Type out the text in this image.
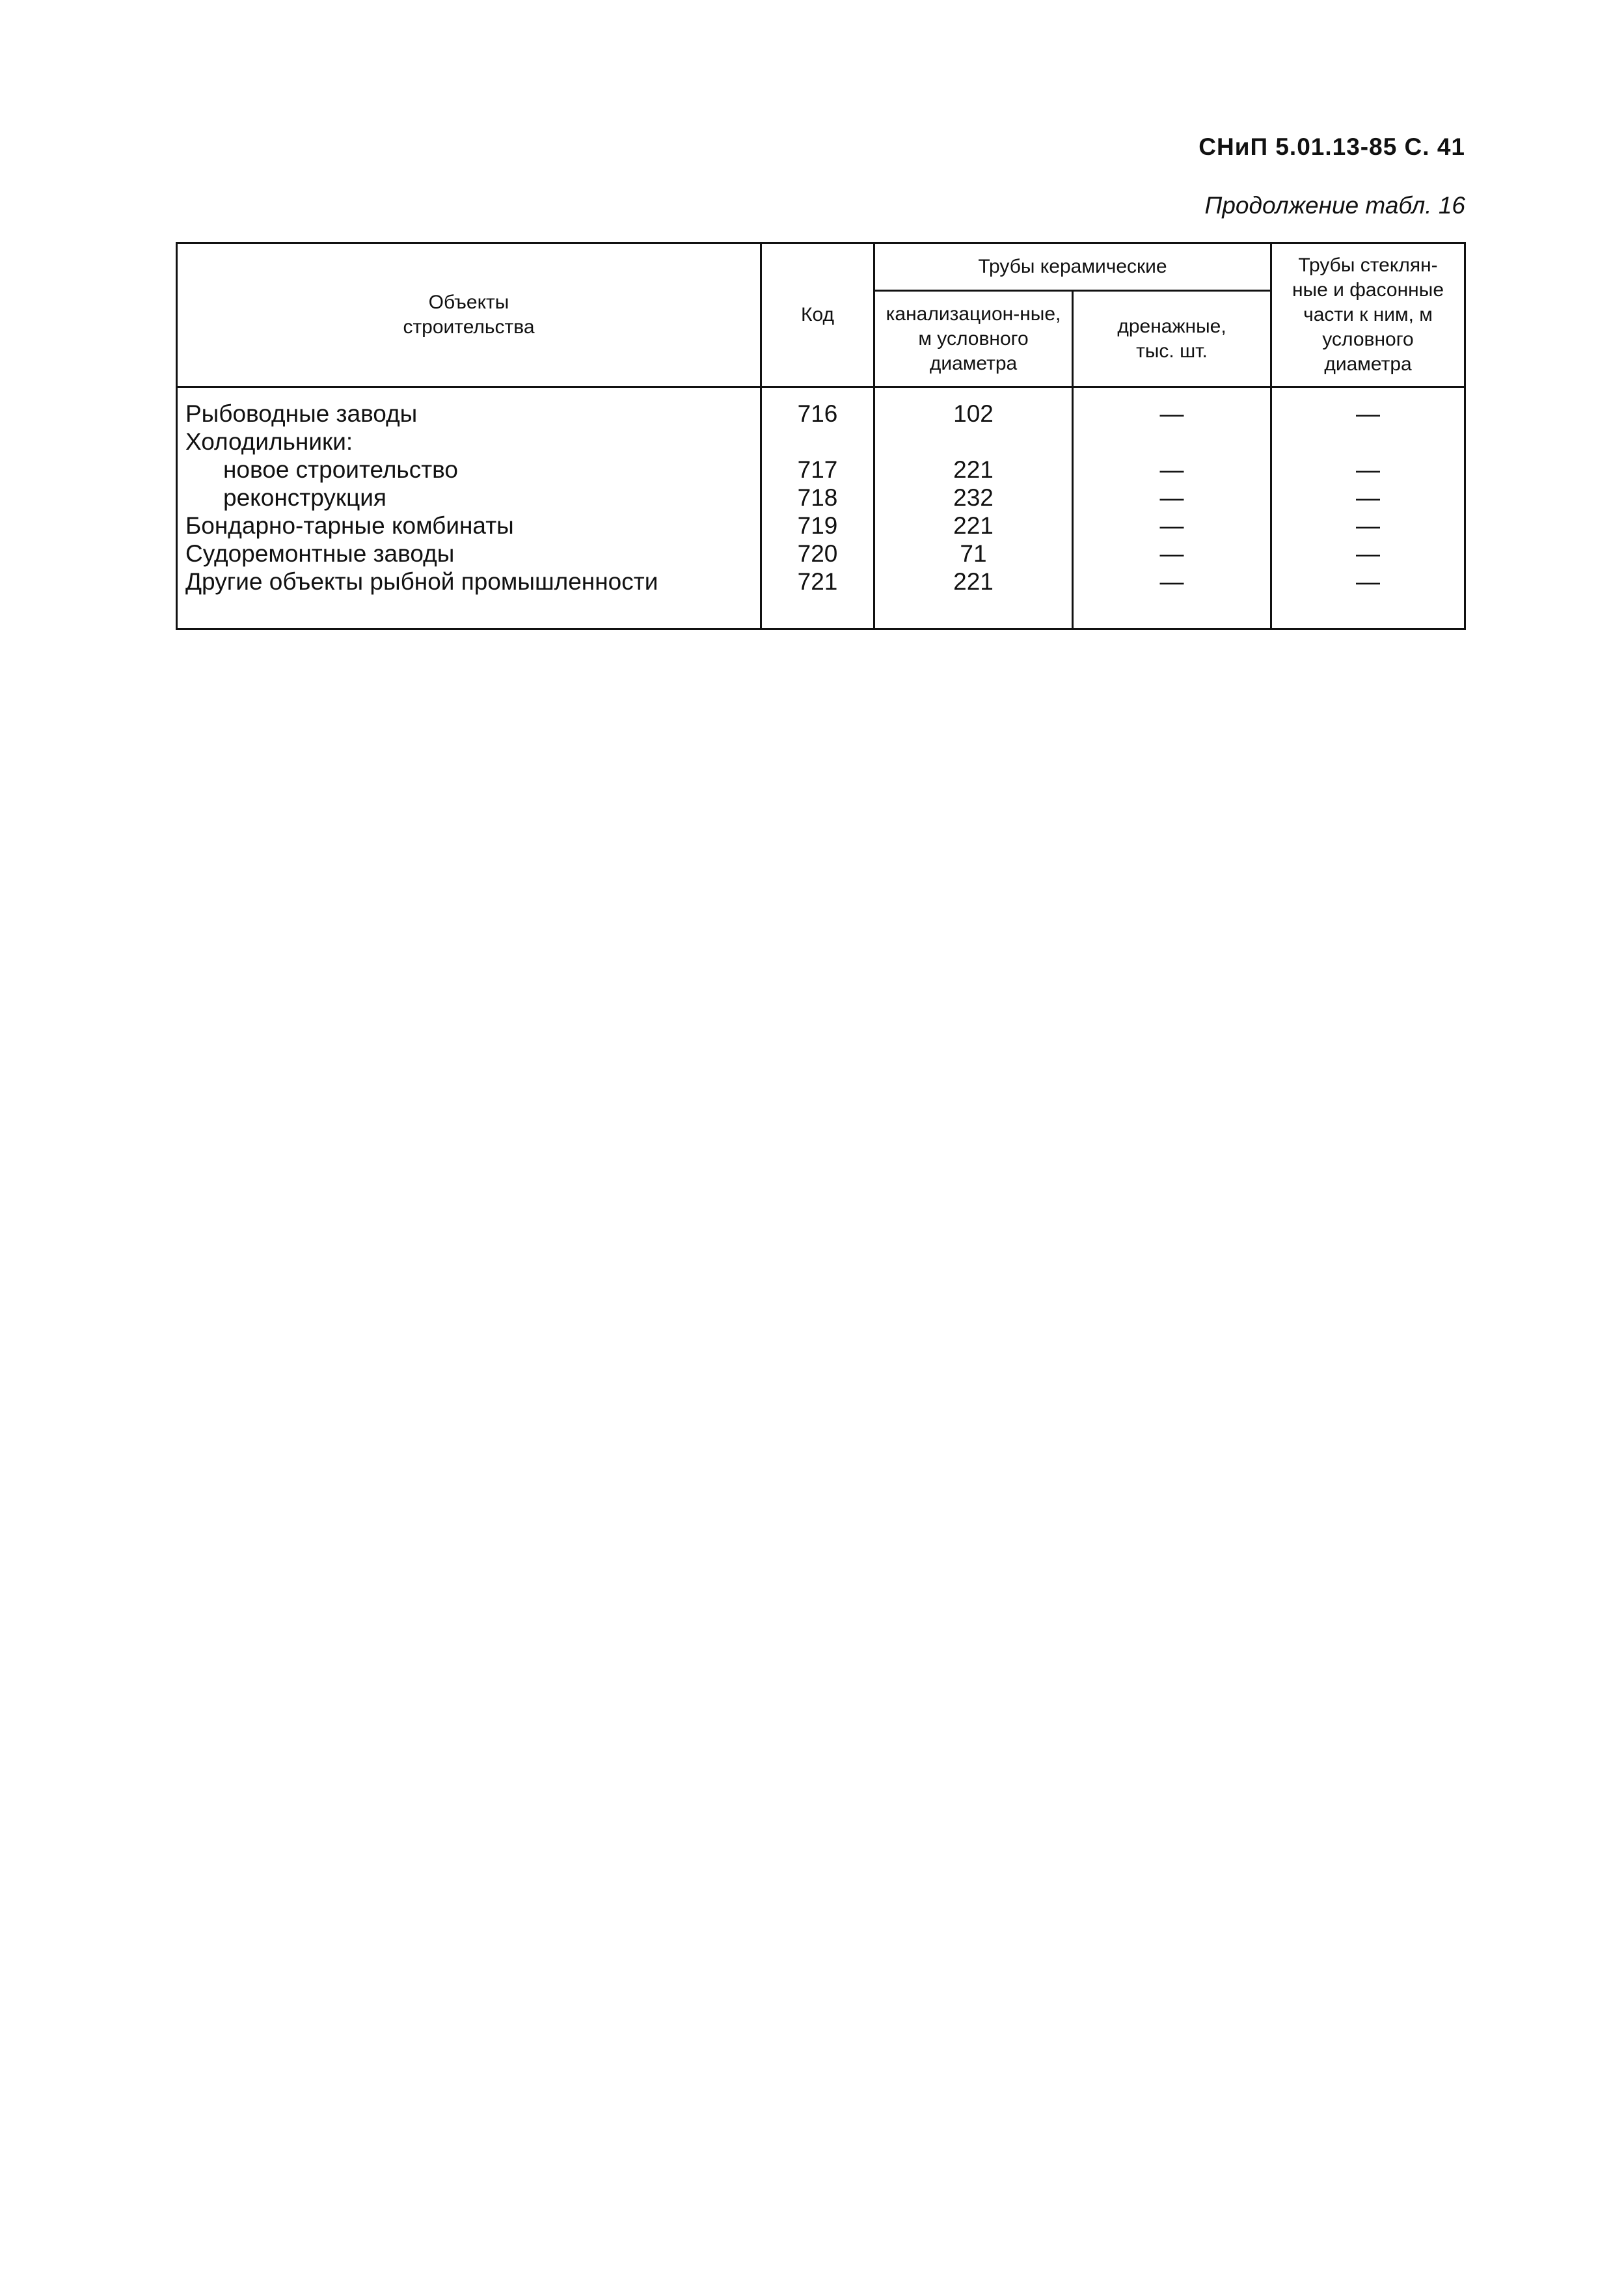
СНиП 5.01.13-85 С. 41
Продолжение табл. 16
Объекты строительства	Код	Трубы керамические		Трубы стеклян-ные и фасонные части к ним, м условного диаметра
		канализацион-ные, м условного диаметра	дренажные, тыс. шт.	
Рыбоводные заводы	716	102	—	—
Холодильники:				
новое строительство	717	221	—	—
реконструкция	718	232	—	—
Бондарно-тарные комбинаты	719	221	—	—
Судоремонтные заводы	720	71	—	—
Другие объекты рыбной промышленности	721	221	—	—
